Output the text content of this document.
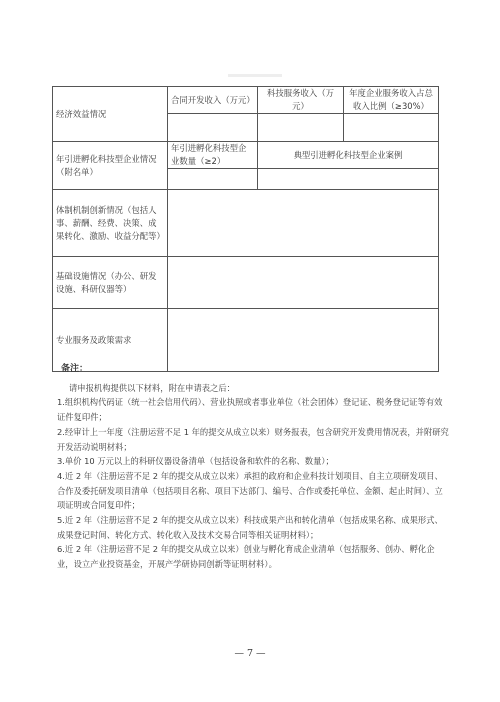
经济效益情况	合同开发收入（万元）	科技服务收入（万元）	年度企业服务收入占总收入比例（≥30%）

年引进孵化科技型企业情况（附名单）	年引进孵化科技型企业数量（≥2）	典型引进孵化科技型企业案例	

体制机制创新情况（包括人事、薪酬、经费、决策、成果转化、激励、收益分配等）			
基础设施情况（办公、研发设施、科研仪器等）			
专业服务及政策需求			
备注：

请申报机构提供以下材料，附在申请表之后：

1.组织机构代码证（统一社会信用代码）、营业执照或者事业单位（社会团体）登记证、税务登记证等有效证件复印件；

2.经审计上一年度（注册运营不足 1 年的提交从成立以来）财务报表，包含研究开发费用情况表，并附研究开发活动说明材料；

3.单价 10 万元以上的科研仪器设备清单（包括设备和软件的名称、数量）；

4.近 2 年（注册运营不足 2 年的提交从成立以来）承担的政府和企业科技计划项目、自主立项研发项目、合作及委托研发项目清单（包括项目名称、项目下达部门、编号、合作或委托单位、金额、起止时间）、立项证明或合同复印件；

5.近 2 年（注册运营不足 2 年的提交从成立以来）科技成果产出和转化清单（包括成果名称、成果形式、成果登记时间、转化方式、转化收入及技术交易合同等相关证明材料）；

6.近 2 年（注册运营不足 2 年的提交从成立以来）创业与孵化育成企业清单（包括服务、创办、孵化企业，设立产业投资基金，开展产学研协同创新等证明材料）。

— 7 —
